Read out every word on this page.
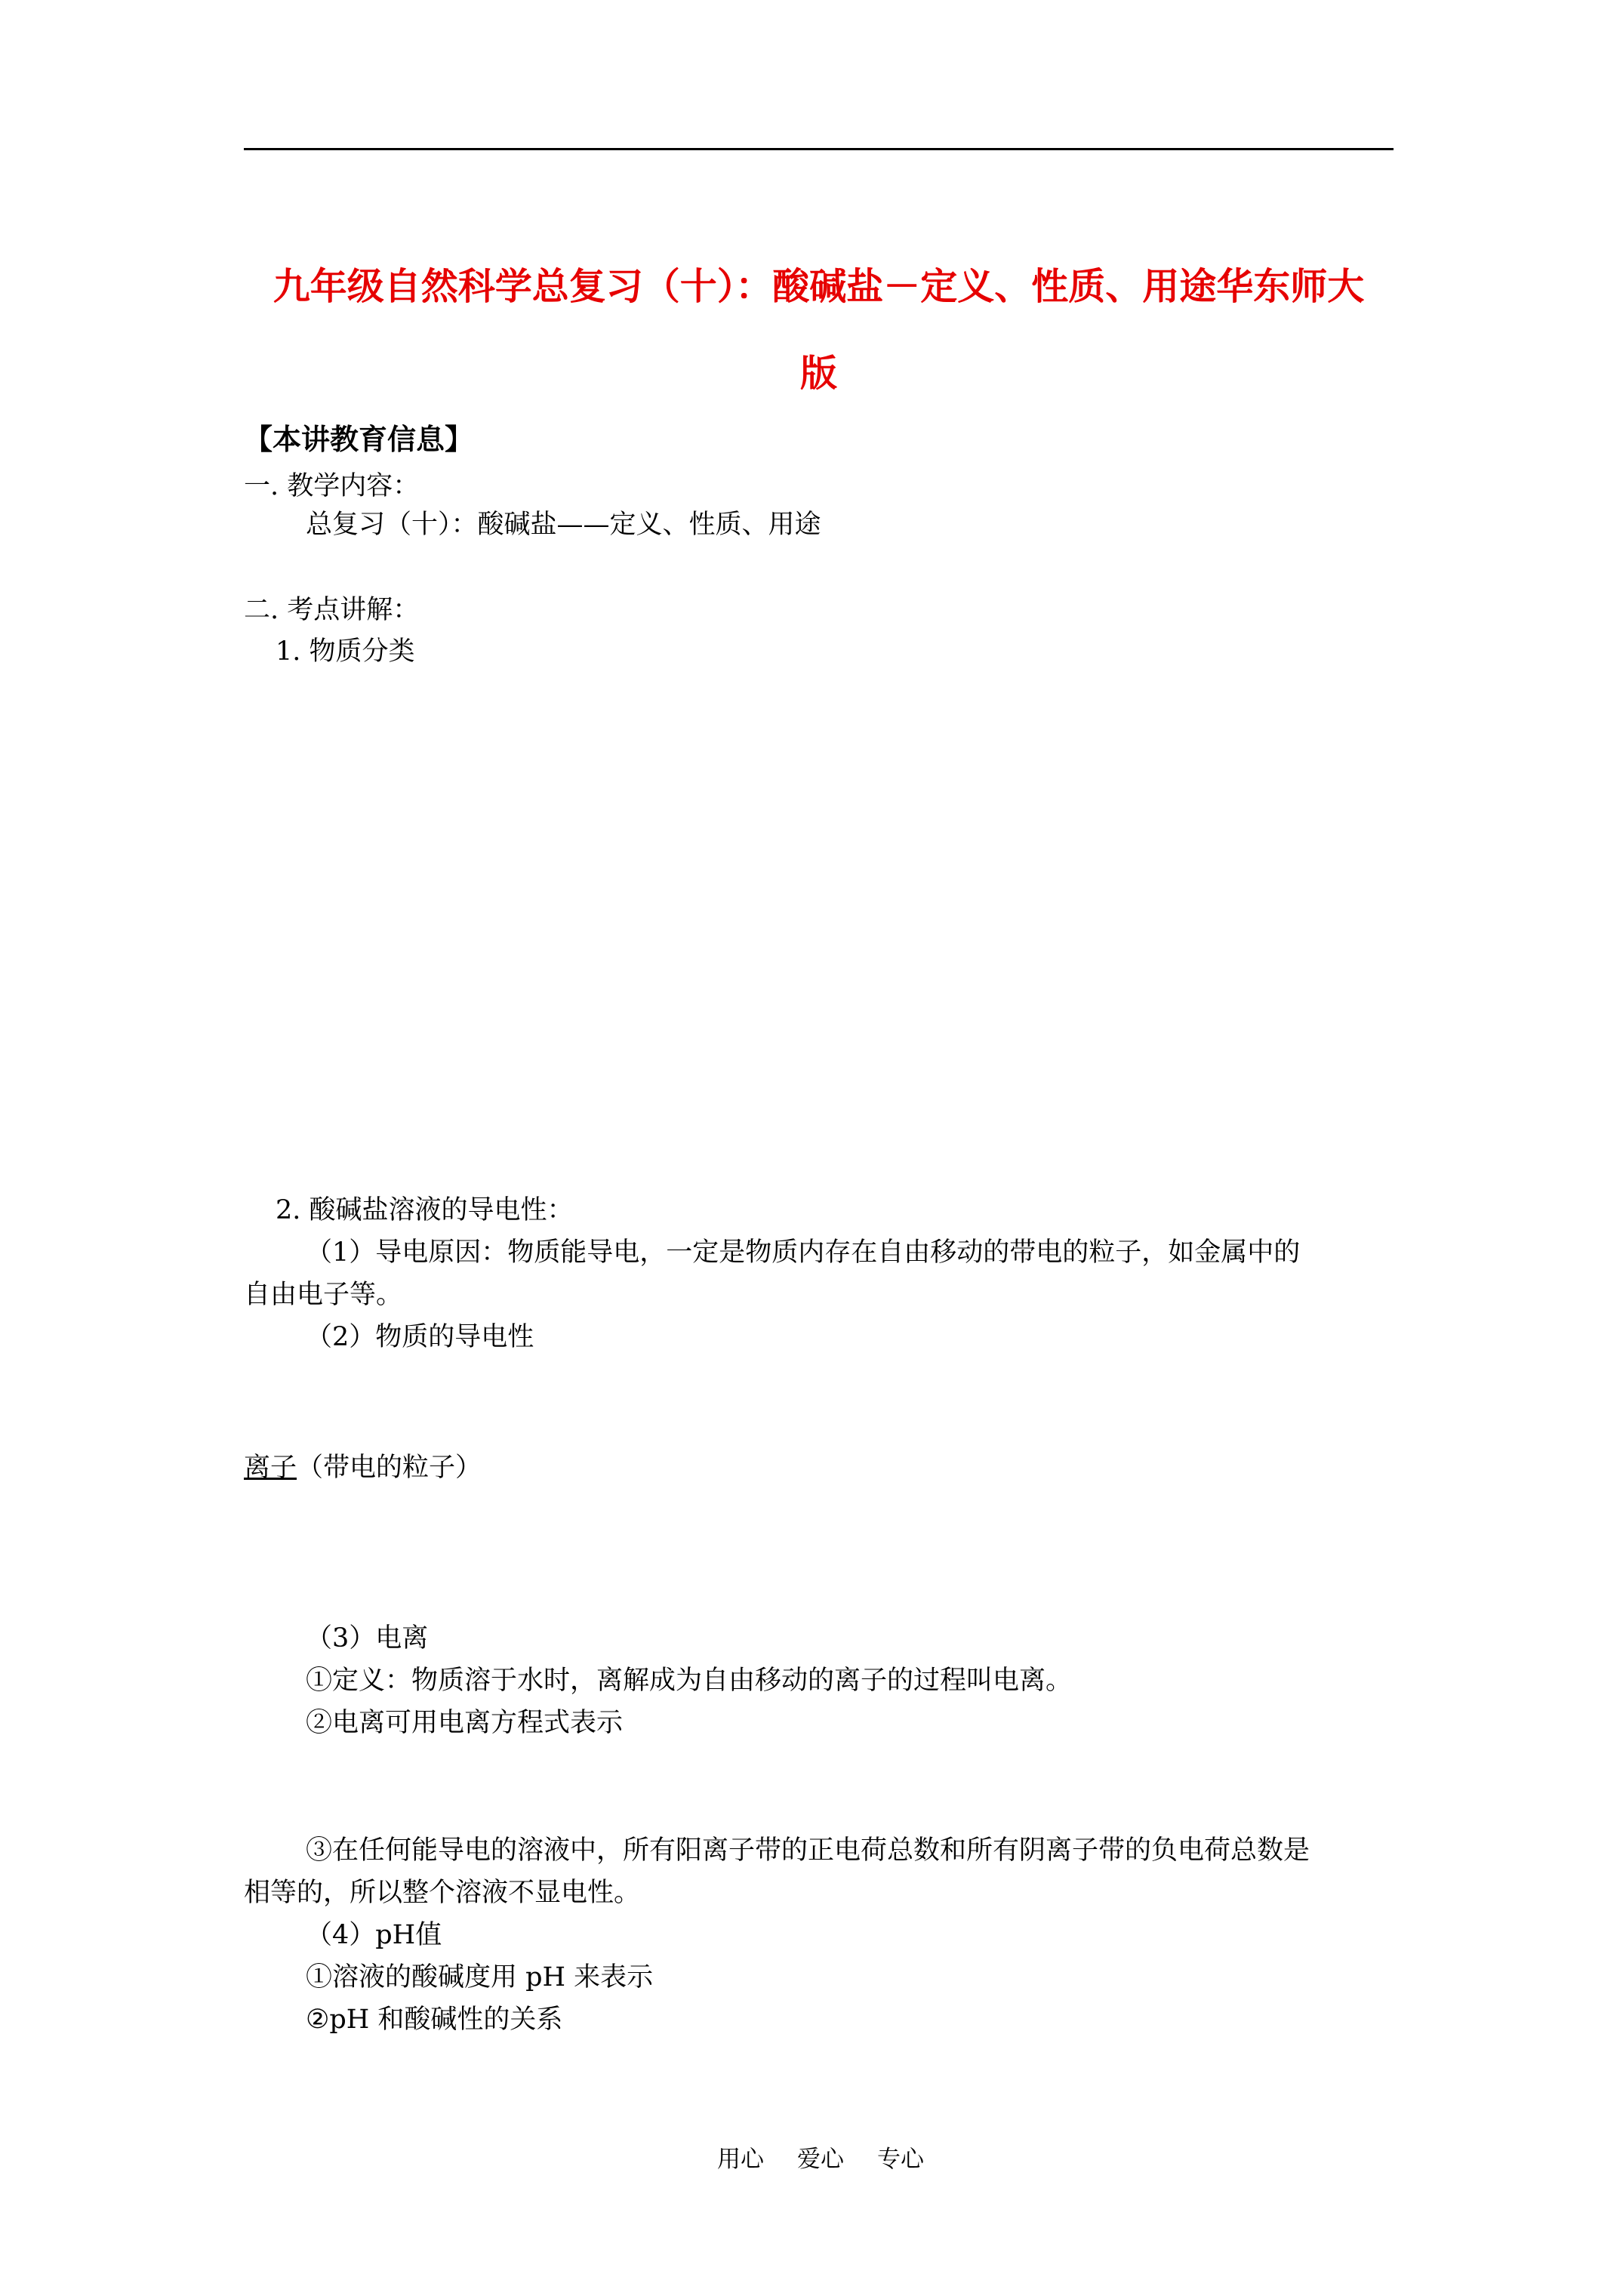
九年级自然科学总复习（十）：酸碱盐－定义、性质、用途华东师大
版
【本讲教育信息】
一. 教学内容：
总复习（十）：酸碱盐——定义、性质、用途
二. 考点讲解：
1. 物质分类
2. 酸碱盐溶液的导电性：
（1）导电原因：物质能导电，一定是物质内存在自由移动的带电的粒子，如金属中的
自由电子等。
（2）物质的导电性
离子（带电的粒子）
（3）电离
①定义：物质溶于水时，离解成为自由移动的离子的过程叫电离。
②电离可用电离方程式表示
③在任何能导电的溶液中，所有阳离子带的正电荷总数和所有阴离子带的负电荷总数是
相等的，所以整个溶液不显电性。
（4）pH值
①溶液的酸碱度用 pH 来表示
②pH 和酸碱性的关系
用心 爱心 专心
